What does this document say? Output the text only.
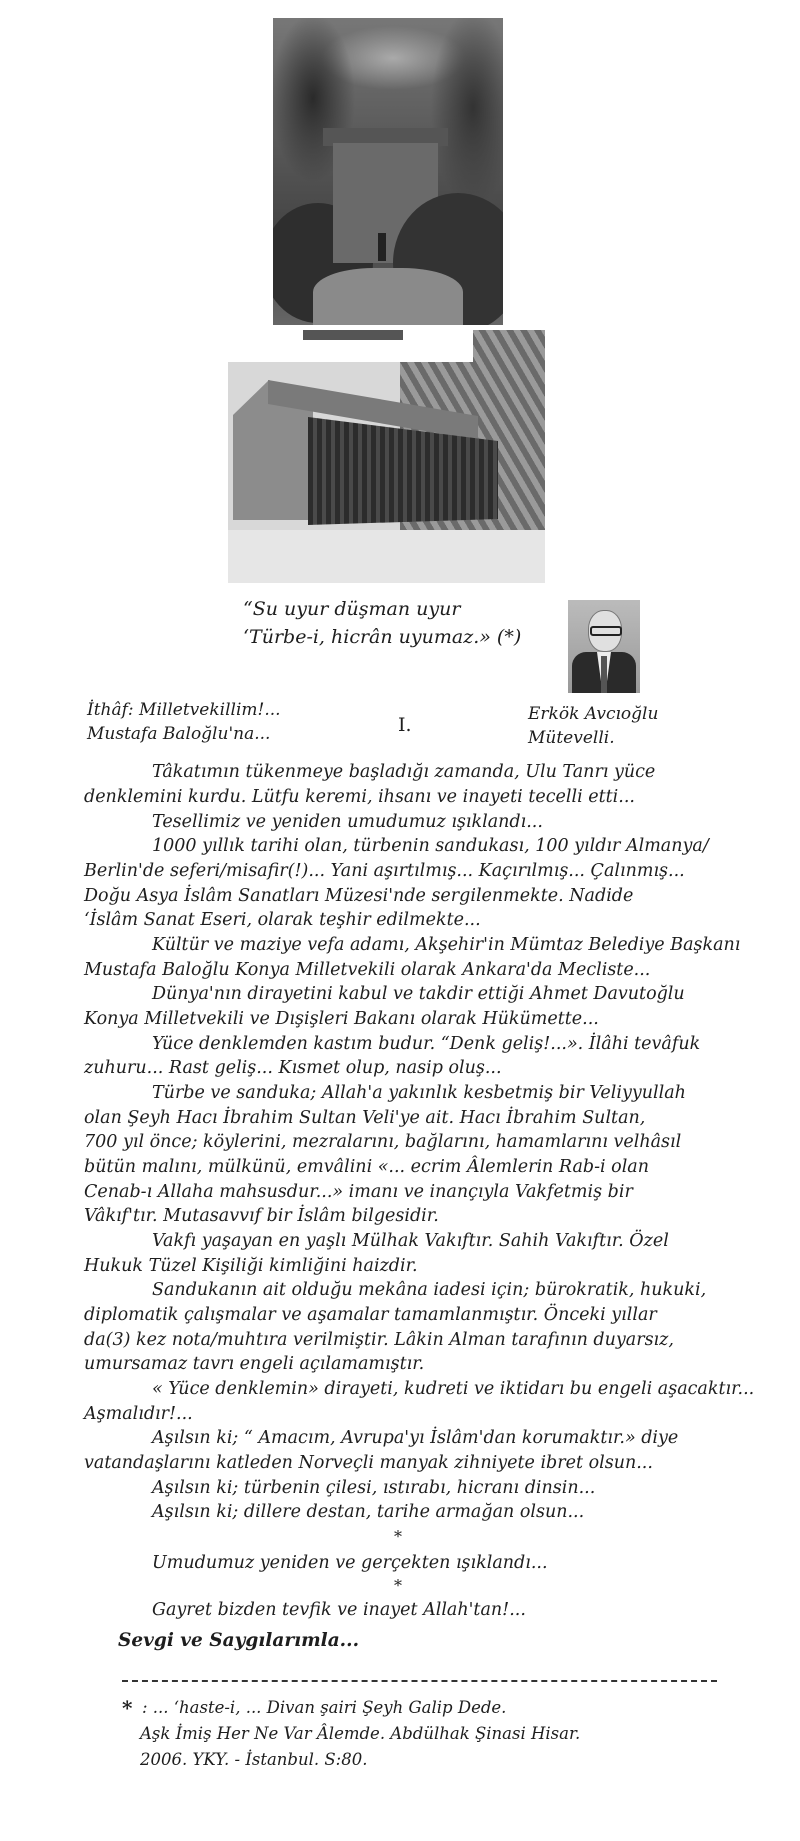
“Su uyur düşman uyur
‘Türbe-i, hicrân uyumaz.» (*)
İthâf: Milletvekillim!...
Mustafa Baloğlu'na...	I.	Erkök Avcıoğlu
Mütevelli.
Tâkatımın tükenmeye başladığı zamanda, Ulu Tanrı yüce
denklemini kurdu. Lütfu keremi, ihsanı ve inayeti tecelli etti...
Tesellimiz ve yeniden umudumuz ışıklandı...
1000 yıllık tarihi olan, türbenin sandukası, 100 yıldır Almanya/
Berlin'de seferi/misafir(!)... Yani aşırtılmış... Kaçırılmış... Çalınmış...
Doğu Asya İslâm Sanatları Müzesi'nde sergilenmekte. Nadide
‘İslâm Sanat Eseri, olarak teşhir edilmekte...
Kültür ve maziye vefa adamı, Akşehir'in Mümtaz Belediye Başkanı
Mustafa Baloğlu Konya Milletvekili olarak Ankara'da Mecliste...
Dünya'nın dirayetini kabul ve takdir ettiği Ahmet Davutoğlu
Konya Milletvekili ve Dışişleri Bakanı olarak Hükümette...
Yüce denklemden kastım budur. “Denk geliş!...». İlâhi tevâfuk
zuhuru... Rast geliş... Kısmet olup, nasip oluş...
Türbe ve sanduka; Allah'a yakınlık kesbetmiş bir Veliyyullah
olan Şeyh Hacı İbrahim Sultan Veli'ye ait. Hacı İbrahim Sultan,
700 yıl önce; köylerini, mezralarını, bağlarını, hamamlarını velhâsıl
bütün malını, mülkünü, emvâlini «... ecrim Âlemlerin Rab-i olan
Cenab-ı Allaha mahsusdur...» imanı ve inançıyla Vakfetmiş bir
Vâkıf'tır. Mutasavvıf bir İslâm bilgesidir.
Vakfı yaşayan en yaşlı Mülhak Vakıftır. Sahih Vakıftır. Özel
Hukuk Tüzel Kişiliği kimliğini haizdir.
Sandukanın ait olduğu mekâna iadesi için; bürokratik, hukuki,
diplomatik çalışmalar ve aşamalar tamamlanmıştır. Önceki yıllar
da(3) kez nota/muhtıra verilmiştir. Lâkin Alman tarafının duyarsız,
umursamaz tavrı engeli açılamamıştır.
« Yüce denklemin» dirayeti, kudreti ve iktidarı bu engeli aşacaktır...
Aşmalıdır!...
Aşılsın ki; “ Amacım, Avrupa'yı İslâm'dan korumaktır.» diye
vatandaşlarını katleden Norveçli manyak zihniyete ibret olsun...
Aşılsın ki; türbenin çilesi, ıstırabı, hicranı dinsin...
Aşılsın ki; dillere destan, tarihe armağan olsun...
*
Umudumuz yeniden ve gerçekten ışıklandı...
*
Gayret bizden tevfik ve inayet Allah'tan!...
Sevgi ve Saygılarımla...
* : ... ‘haste-i, ... Divan şairi Şeyh Galip Dede.
Aşk İmiş Her Ne Var Âlemde. Abdülhak Şinasi Hisar.
2006. YKY. - İstanbul. S:80.
